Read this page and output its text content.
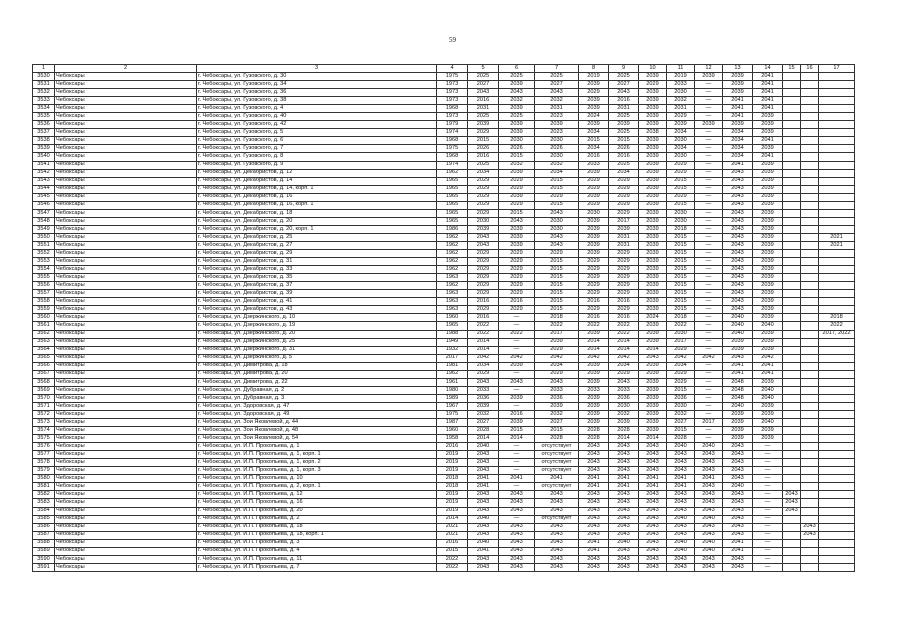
59
1	2	3	4	5	6	7	8	9	10	11	12	13	14	15	16	17
3530	Чебоксары	г. Чебоксары, ул. Гузовского, д. 30	1975	2025	2025	2025	2019	2025	2039	2019	2039	2039	2041			
3531	Чебоксары	г. Чебоксары, ул. Гузовского, д. 34	1973	2027	2039	2027	2039	2027	2029	2033	—	2039	2041			
3532	Чебоксары	г. Чебоксары, ул. Гузовского, д. 36	1973	2043	2043	2043	2029	2043	2039	2030	—	2039	2041			
3533	Чебоксары	г. Чебоксары, ул. Гузовского, д. 38	1973	2016	2032	2032	2039	2016	2039	2032	—	2041	2041			
3534	Чебоксары	г. Чебоксары, ул. Гузовского, д. 4	1968	2031	2039	2031	2039	2031	2039	2031	—	2041	2041			
3535	Чебоксары	г. Чебоксары, ул. Гузовского, д. 40	1973	2025	2025	2023	2024	2025	2039	2029	—	2041	2039			
3536	Чебоксары	г. Чебоксары, ул. Гузовского, д. 42	1979	2039	2039	2039	2039	2039	2039	2039	2039	2039	2039			
3537	Чебоксары	г. Чебоксары, ул. Гузовского, д. 5	1974	2029	2039	2023	2034	2025	2038	2034	—	2034	2039			
3538	Чебоксары	г. Чебоксары, ул. Гузовского, д. 6	1968	2015	2030	2030	2015	2015	2039	2030	—	2034	2041			
3539	Чебоксары	г. Чебоксары, ул. Гузовского, д. 7	1975	2026	2026	2026	2034	2026	2039	2034	—	2034	2039			
3540	Чебоксары	г. Чебоксары, ул. Гузовского, д. 8	1968	2016	2015	2030	2016	2016	2039	2030	—	2034	2041			
3541	Чебоксары	г. Чебоксары, ул. Гузовского, д. 9	1974	2025	2032	2032	2033	2025	2039	2029	—	2041	2039			
3542	Чебоксары	г. Чебоксары, ул. Декабристов, д. 12	1962	2034	2039	2034	2039	2034	2039	2029	—	2043	2039			
3543	Чебоксары	г. Чебоксары, ул. Декабристов, д. 14	1965	2029	2029	2015	2029	2029	2039	2015	—	2043	2039			
3544	Чебоксары	г. Чебоксары, ул. Декабристов, д. 14, корп. 1	1965	2029	2029	2015	2029	2029	2039	2015	—	2043	2039			
3545	Чебоксары	г. Чебоксары, ул. Декабристов, д. 16	1965	2029	2039	2029	2039	2029	2039	2029	—	2043	2039			
3546	Чебоксары	г. Чебоксары, ул. Декабристов, д. 16, корп. 1	1965	2029	2029	2015	2029	2029	2039	2015	—	2043	2039			
3547	Чебоксары	г. Чебоксары, ул. Декабристов, д. 18	1965	2029	2015	2043	2030	2029	2039	2030	—	2043	2039			
3548	Чебоксары	г. Чебоксары, ул. Декабристов, д. 20	1965	2030	2043	2030	2039	2017	2039	2030	—	2043	2039			
3549	Чебоксары	г. Чебоксары, ул. Декабристов, д. 20, корп. 1	1986	2039	2039	2030	2039	2039	2039	2018	—	2043	2039			
3550	Чебоксары	г. Чебоксары, ул. Декабристов, д. 25	1962	2043	2039	2043	2039	2031	2039	2015	—	2043	2039			2021
3551	Чебоксары	г. Чебоксары, ул. Декабристов, д. 27	1962	2043	2039	2043	2039	2031	2039	2015	—	2043	2039			2021
3552	Чебоксары	г. Чебоксары, ул. Декабристов, д. 29	1962	2029	2029	2029	2039	2029	2039	2015	—	2043	2039			
3553	Чебоксары	г. Чебоксары, ул. Декабристов, д. 31	1962	2029	2029	2015	2029	2029	2039	2015	—	2043	2039			
3554	Чебоксары	г. Чебоксары, ул. Декабристов, д. 33	1962	2029	2029	2015	2029	2029	2039	2015	—	2043	2039			
3555	Чебоксары	г. Чебоксары, ул. Декабристов, д. 35	1963	2029	2029	2015	2029	2029	2039	2015	—	2043	2039			
3556	Чебоксары	г. Чебоксары, ул. Декабристов, д. 37	1962	2029	2029	2015	2029	2029	2039	2015	—	2043	2039			
3557	Чебоксары	г. Чебоксары, ул. Декабристов, д. 39	1963	2029	2029	2015	2029	2029	2039	2015	—	2043	2039			
3558	Чебоксары	г. Чебоксары, ул. Декабристов, д. 41	1963	2016	2016	2015	2016	2016	2039	2015	—	2043	2039			
3559	Чебоксары	г. Чебоксары, ул. Декабристов, д. 43	1963	2029	2029	2015	2029	2029	2039	2015	—	2043	2039			
3560	Чебоксары	г. Чебоксары, ул. Дзержинского, д. 10	1960	2016	—	2018	2016	2016	2024	2018	—	2040	2039			2018
3561	Чебоксары	г. Чебоксары, ул. Дзержинского, д. 19	1965	2022	—	2022	2022	2022	2039	2022	—	2040	2040			2022
3562	Чебоксары	г. Чебоксары, ул. Дзержинского, д. 20	1988	2022	2022	2017	2039	2022	2039	2030	—	2040	2039			2017, 2022
3563	Чебоксары	г. Чебоксары, ул. Дзержинского, д. 25	1949	2014	—	2039	2014	2014	2039	2017	—	2039	2039			
3564	Чебоксары	г. Чебоксары, ул. Дзержинского, д. 31	1932	2014	—	2029	2014	2014	2014	2029	—	2039	2039			
3565	Чебоксары	г. Чебоксары, ул. Дзержинского, д. 5	2017	2042	2042	2042	2042	2042	2043	2042	2042	2043	2042			
3566	Чебоксары	г. Чебоксары, ул. Димитрова, д. 18	1981	2034	2039	2034	2039	2034	2039	2034	—	2041	2041			
3567	Чебоксары	г. Чебоксары, ул. Димитрова, д. 20	1962	2029	—	2029	2039	2029	2039	2029	—	2041	2041			
3568	Чебоксары	г. Чебоксары, ул. Димитрова, д. 22	1961	2043	2043	2043	2039	2043	2039	2029	—	2048	2039			
3569	Чебоксары	г. Чебоксары, ул. Дубравная, д. 2	1980	2033	—	2033	2033	2033	2039	2015	—	2048	2040			
3570	Чебоксары	г. Чебоксары, ул. Дубравная, д. 3	1989	2036	2039	2036	2039	2036	2039	2036	—	2048	2040			
3571	Чебоксары	г. Чебоксары, ул. Здоровская, д. 47	1967	2039	—	2039	2039	2030	2039	2030	—	2040	2039			
3572	Чебоксары	г. Чебоксары, ул. Здоровская, д. 49	1975	2032	2016	2032	2039	2032	2039	2032	—	2039	2039			
3573	Чебоксары	г. Чебоксары, ул. Зои Яковлевой, д. 44	1987	2027	2039	2027	2039	2039	2039	2027	2017	2039	2040			
3574	Чебоксары	г. Чебоксары, ул. Зои Яковлевой, д. 48	1960	2028	2015	2015	2028	2028	2039	2015	—	2039	2039			
3575	Чебоксары	г. Чебоксары, ул. Зои Яковлевой, д. 54	1958	2014	2014	2028	2028	2014	2014	2028	—	2039	2039			
3576	Чебоксары	г. Чебоксары, ул. И.П. Прокопьева, д. 1	2016	2040	—	отсутствует	2043	2043	2043	2040	2040	2043	—			
3577	Чебоксары	г. Чебоксары, ул. И.П. Прокопьева, д. 1, корп. 1	2019	2043	—	отсутствует	2043	2043	2043	2043	2043	2043	—			
3578	Чебоксары	г. Чебоксары, ул. И.П. Прокопьева, д. 1, корп. 2	2019	2043	—	отсутствует	2043	2043	2043	2043	2043	2043	—			
3579	Чебоксары	г. Чебоксары, ул. И.П. Прокопьева, д. 1, корп. 3	2019	2043	—	отсутствует	2043	2043	2043	2043	2043	2043	—			
3580	Чебоксары	г. Чебоксары, ул. И.П. Прокопьева, д. 10	2018	2041	2041	2041	2041	2041	2041	2041	2041	2043	—			
3581	Чебоксары	г. Чебоксары, ул. И.П. Прокопьева, д. 2, корп. 1	2018	2041	—	отсутствует	2041	2041	2041	2041	2043	2040	—			
3582	Чебоксары	г. Чебоксары, ул. И.П. Прокопьева, д. 12	2019	2043	2043	2043	2043	2043	2043	2043	2043	2043	—	2043		
3583	Чебоксары	г. Чебоксары, ул. И.П. Прокопьева, д. 16	2019	2043	2043	2043	2043	2043	2043	2043	2043	2043	—	2043		
3584	Чебоксары	г. Чебоксары, ул. И.П. Прокопьева, д. 20	2019	2043	2043	2043	2043	2043	2043	2043	2043	2043	—	2043		
3585	Чебоксары	г. Чебоксары, ул. И.П. Прокопьева, д. 2	2014	2040	—	отсутствует	2043	2043	2043	2040	2040	2043	—			
3586	Чебоксары	г. Чебоксары, ул. И.П. Прокопьева, д. 18	2021	2043	2043	2043	2043	2043	2043	2043	2043	2043	—		2043	
3587	Чебоксары	г. Чебоксары, ул. И.П. Прокопьева, д. 18, корп. 1	2021	2043	2043	2043	2043	2043	2043	2043	2043	2043	—		2043	
3588	Чебоксары	г. Чебоксары, ул. И.П. Прокопьева, д. 3	2016	2040	2043	2043	2041	2040	2043	2040	2040	2041	—			
3589	Чебоксары	г. Чебоксары, ул. И.П. Прокопьева, д. 4	2015	2041	2043	2043	2041	2043	2043	2040	2040	2041	—			
3590	Чебоксары	г. Чебоксары, ул. И.П. Прокопьева, д. 11	2022	2043	2043	2043	2043	2043	2043	2043	2043	2043	—			
3591	Чебоксары	г. Чебоксары, ул. И.П. Прокопьева, д. 7	2022	2043	2043	2043	2043	2043	2043	2043	2043	2043	—			
